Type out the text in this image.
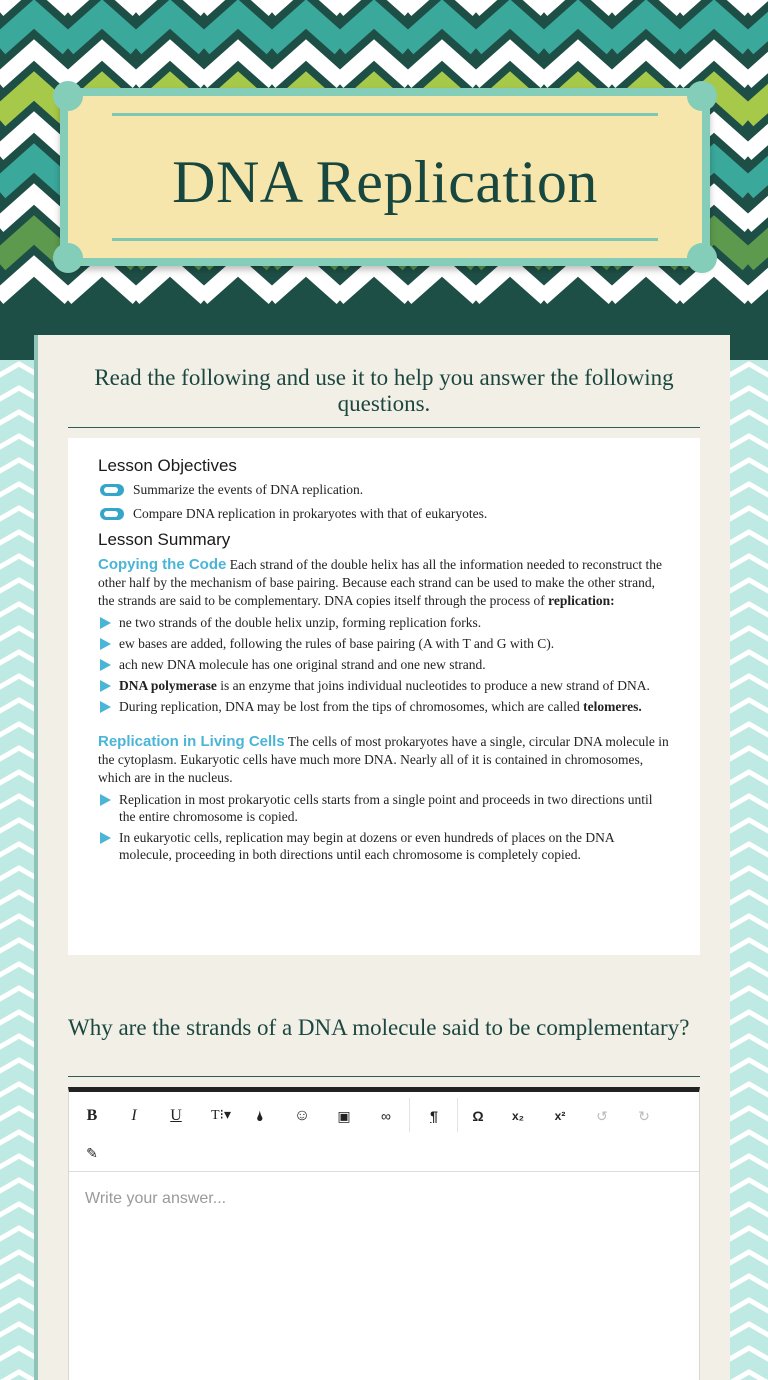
DNA Replication
Read the following and use it to help you answer the following questions.
Lesson Objectives
Summarize the events of DNA replication.
Compare DNA replication in prokaryotes with that of eukaryotes.
Lesson Summary
Copying the Code Each strand of the double helix has all the information needed to reconstruct the other half by the mechanism of base pairing. Because each strand can be used to make the other strand, the strands are said to be complementary. DNA copies itself through the process of replication:
ne two strands of the double helix unzip, forming replication forks.
ew bases are added, following the rules of base pairing (A with T and G with C).
ach new DNA molecule has one original strand and one new strand.
DNA polymerase is an enzyme that joins individual nucleotides to produce a new strand of DNA.
During replication, DNA may be lost from the tips of chromosomes, which are called telomeres.
Replication in Living Cells The cells of most prokaryotes have a single, circular DNA molecule in the cytoplasm. Eukaryotic cells have much more DNA. Nearly all of it is contained in chromosomes, which are in the nucleus.
Replication in most prokaryotic cells starts from a single point and proceeds in two directions until the entire chromosome is copied.
In eukaryotic cells, replication may begin at dozens or even hundreds of places on the DNA molecule, proceeding in both directions until each chromosome is completely copied.
Why are the strands of a DNA molecule said to be complementary?
B	I	U	T⁝▾	🌢	☺	▣	∞	¶	Ω	x₂	x²	↺	↻
✎
Write your answer...
